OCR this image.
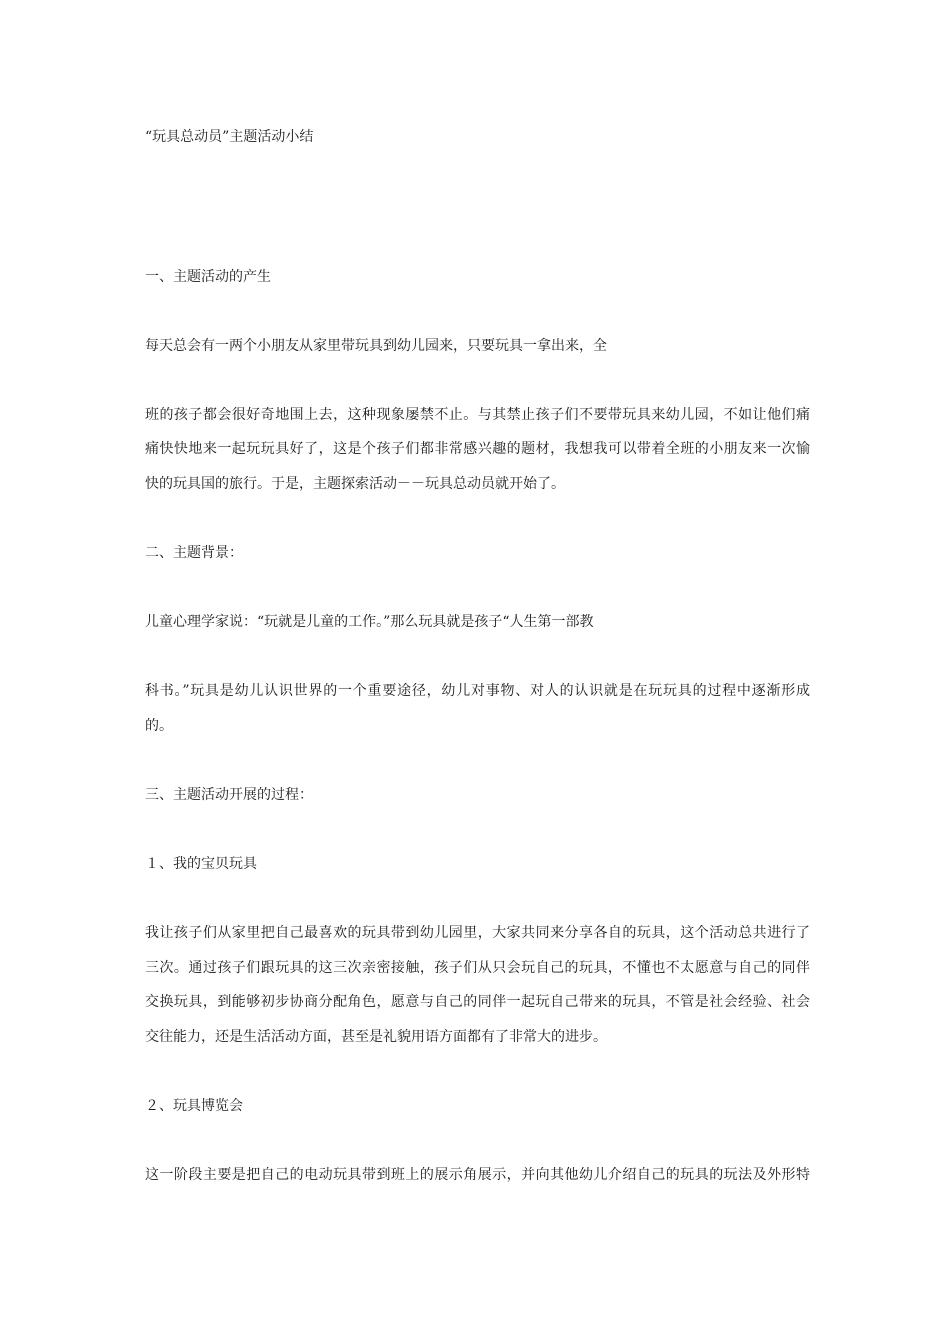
“玩具总动员”主题活动小结
一、主题活动的产生
每天总会有一两个小朋友从家里带玩具到幼儿园来，只要玩具一拿出来，全
班的孩子都会很好奇地围上去，这种现象屡禁不止。与其禁止孩子们不要带玩具来幼儿园，不如让他们痛
痛快快地来一起玩玩具好了，这是个孩子们都非常感兴趣的题材，我想我可以带着全班的小朋友来一次愉
快的玩具国的旅行。于是，主题探索活动－－玩具总动员就开始了。
二、主题背景：
儿童心理学家说：“玩就是儿童的工作。”那么玩具就是孩子“人生第一部教
科书。”玩具是幼儿认识世界的一个重要途径，幼儿对事物、对人的认识就是在玩玩具的过程中逐渐形成
的。
三、主题活动开展的过程：
１、我的宝贝玩具
我让孩子们从家里把自己最喜欢的玩具带到幼儿园里，大家共同来分享各自的玩具，这个活动总共进行了
三次。通过孩子们跟玩具的这三次亲密接触，孩子们从只会玩自己的玩具，不懂也不太愿意与自己的同伴
交换玩具，到能够初步协商分配角色，愿意与自己的同伴一起玩自己带来的玩具，不管是社会经验、社会
交往能力，还是生活活动方面，甚至是礼貌用语方面都有了非常大的进步。
２、玩具博览会
这一阶段主要是把自己的电动玩具带到班上的展示角展示，并向其他幼儿介绍自己的玩具的玩法及外形特
